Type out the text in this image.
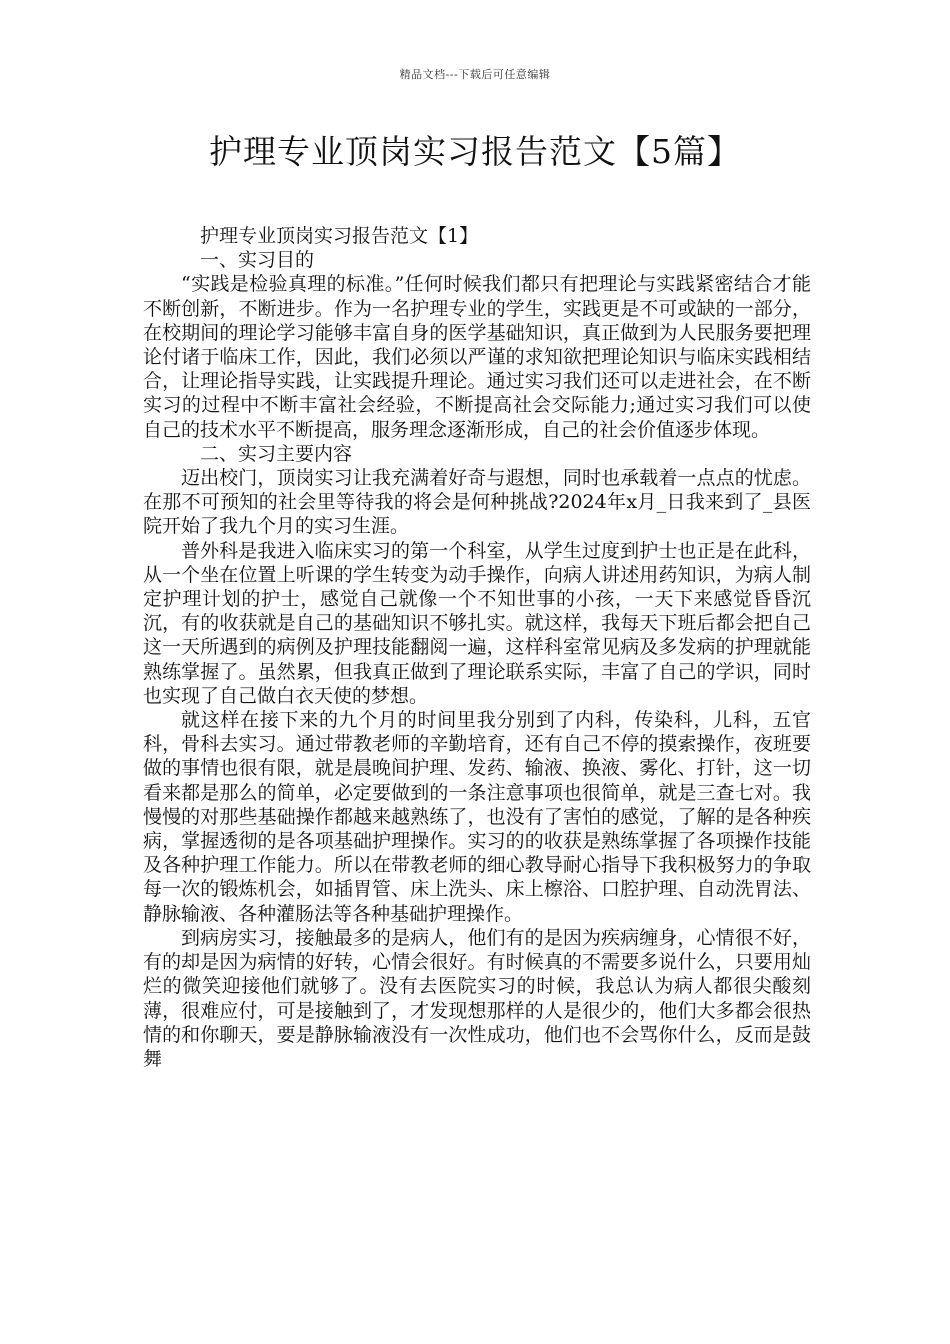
精品文档---下载后可任意编辑
护理专业顶岗实习报告范文【5篇】

护理专业顶岗实习报告范文【1】

一、实习目的

“实践是检验真理的标准。”任何时候我们都只有把理论与实践紧密结合才能不断创新，不断进步。作为一名护理专业的学生，实践更是不可或缺的一部分，在校期间的理论学习能够丰富自身的医学基础知识，真正做到为人民服务要把理论付诸于临床工作，因此，我们必须以严谨的求知欲把理论知识与临床实践相结合，让理论指导实践，让实践提升理论。通过实习我们还可以走进社会，在不断实习的过程中不断丰富社会经验，不断提高社会交际能力;通过实习我们可以使自己的技术水平不断提高，服务理念逐渐形成，自己的社会价值逐步体现。

二、实习主要内容

迈出校门，顶岗实习让我充满着好奇与遐想，同时也承载着一点点的忧虑。在那不可预知的社会里等待我的将会是何种挑战?2024年x月_日我来到了_县医院开始了我九个月的实习生涯。

普外科是我进入临床实习的第一个科室，从学生过度到护士也正是在此科，从一个坐在位置上听课的学生转变为动手操作，向病人讲述用药知识，为病人制定护理计划的护士，感觉自己就像一个不知世事的小孩，一天下来感觉昏昏沉沉，有的收获就是自己的基础知识不够扎实。就这样，我每天下班后都会把自己这一天所遇到的病例及护理技能翻阅一遍，这样科室常见病及多发病的护理就能熟练掌握了。虽然累，但我真正做到了理论联系实际，丰富了自己的学识，同时也实现了自己做白衣天使的梦想。

就这样在接下来的九个月的时间里我分别到了内科，传染科，儿科，五官科，骨科去实习。通过带教老师的辛勤培育，还有自己不停的摸索操作，夜班要做的事情也很有限，就是晨晚间护理、发药、输液、换液、雾化、打针，这一切看来都是那么的简单，必定要做到的一条注意事项也很简单，就是三查七对。我慢慢的对那些基础操作都越来越熟练了，也没有了害怕的感觉，了解的是各种疾病，掌握透彻的是各项基础护理操作。实习的的收获是熟练掌握了各项操作技能及各种护理工作能力。所以在带教老师的细心教导耐心指导下我积极努力的争取每一次的锻炼机会，如插胃管、床上洗头、床上檫浴、口腔护理、自动洗胃法、静脉输液、各种灌肠法等各种基础护理操作。

到病房实习，接触最多的是病人，他们有的是因为疾病缠身，心情很不好，有的却是因为病情的好转，心情会很好。有时候真的不需要多说什么，只要用灿烂的微笑迎接他们就够了。没有去医院实习的时候，我总认为病人都很尖酸刻薄，很难应付，可是接触到了，才发现想那样的人是很少的，他们大多都会很热情的和你聊天，要是静脉输液没有一次性成功，他们也不会骂你什么，反而是鼓舞
